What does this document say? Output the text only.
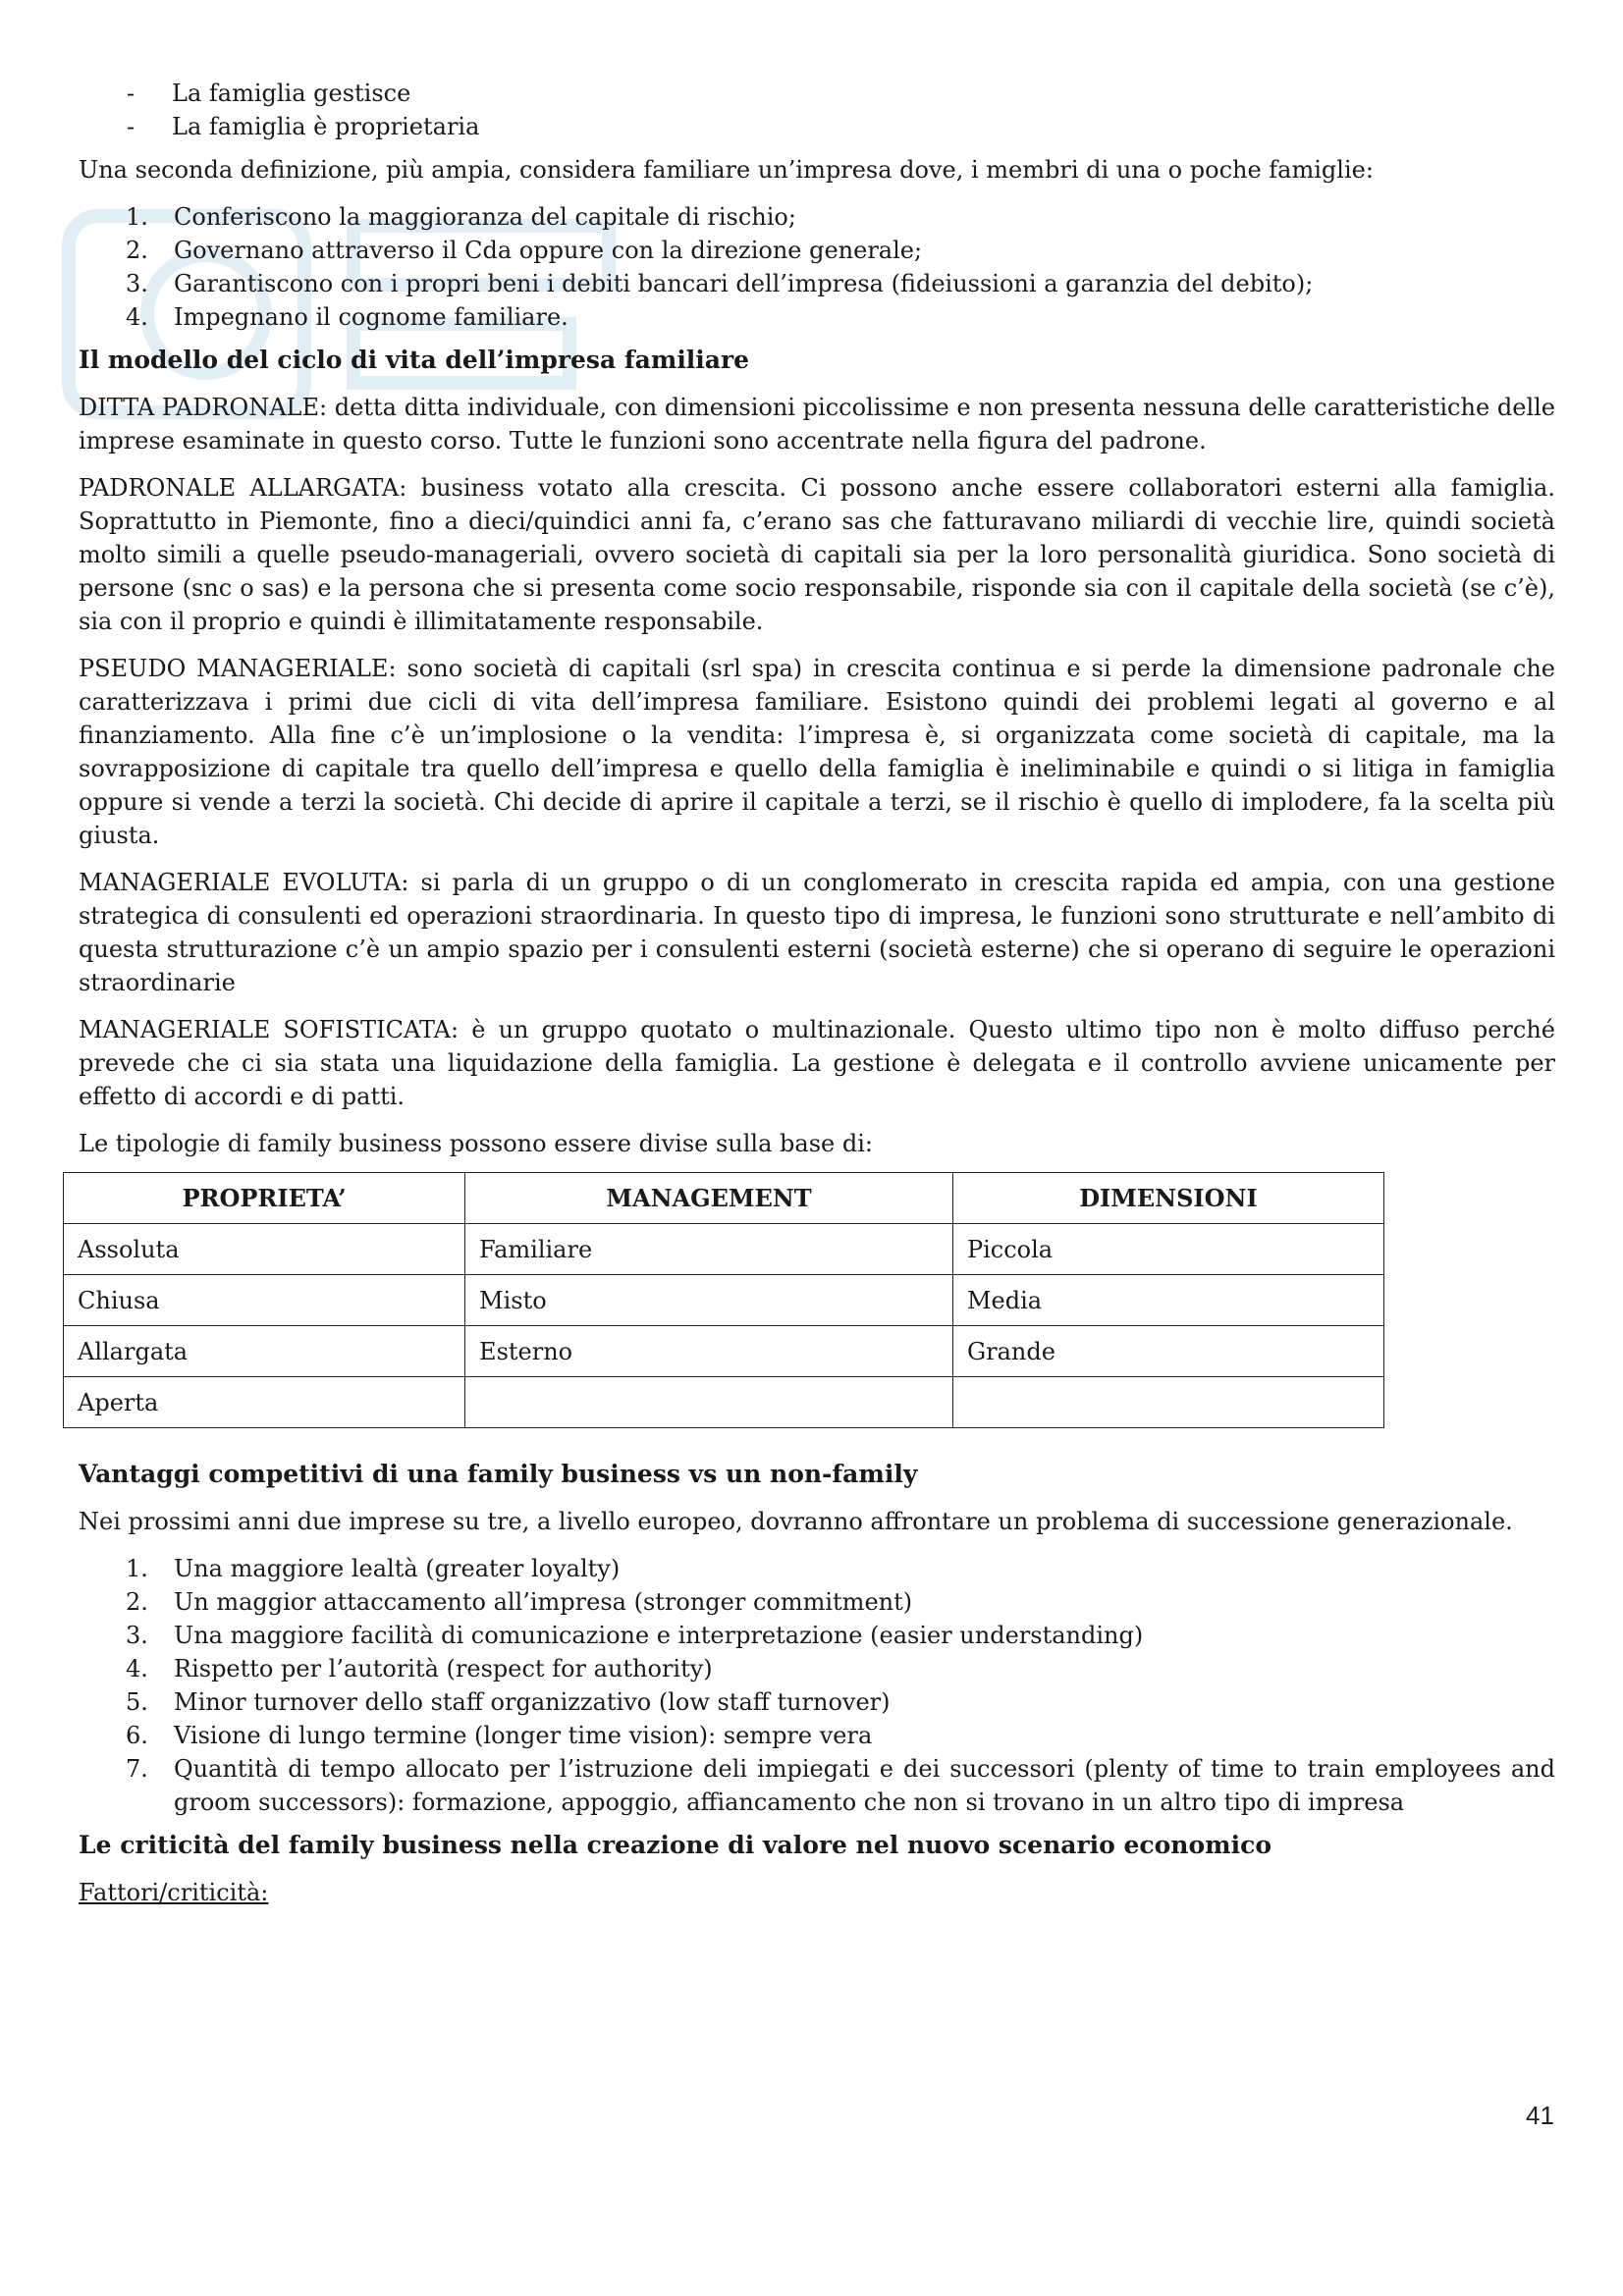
- La famiglia gestisce
- La famiglia è proprietaria

Una seconda definizione, più ampia, considera familiare un’impresa dove, i membri di una o poche famiglie:

1. Conferiscono la maggioranza del capitale di rischio;
2. Governano attraverso il Cda oppure con la direzione generale;
3. Garantiscono con i propri beni i debiti bancari dell’impresa (fideiussioni a garanzia del debito);
4. Impegnano il cognome familiare.
Il modello del ciclo di vita dell’impresa familiare

DITTA PADRONALE: detta ditta individuale, con dimensioni piccolissime e non presenta nessuna delle caratteristiche delle imprese esaminate in questo corso. Tutte le funzioni sono accentrate nella figura del padrone.

PADRONALE ALLARGATA: business votato alla crescita. Ci possono anche essere collaboratori esterni alla famiglia. Soprattutto in Piemonte, fino a dieci/quindici anni fa, c’erano sas che fatturavano miliardi di vecchie lire, quindi società molto simili a quelle pseudo-manageriali, ovvero società di capitali sia per la loro personalità giuridica. Sono società di persone (snc o sas) e la persona che si presenta come socio responsabile, risponde sia con il capitale della società (se c’è), sia con il proprio e quindi è illimitatamente responsabile.

PSEUDO MANAGERIALE: sono società di capitali (srl spa) in crescita continua e si perde la dimensione padronale che caratterizzava i primi due cicli di vita dell’impresa familiare. Esistono quindi dei problemi legati al governo e al finanziamento. Alla fine c’è un’implosione o la vendita: l’impresa è, si organizzata come società di capitale, ma la sovrapposizione di capitale tra quello dell’impresa e quello della famiglia è ineliminabile e quindi o si litiga in famiglia oppure si vende a terzi la società. Chi decide di aprire il capitale a terzi, se il rischio è quello di implodere, fa la scelta più giusta.

MANAGERIALE EVOLUTA: si parla di un gruppo o di un conglomerato in crescita rapida ed ampia, con una gestione strategica di consulenti ed operazioni straordinaria. In questo tipo di impresa, le funzioni sono strutturate e nell’ambito di questa strutturazione c’è un ampio spazio per i consulenti esterni (società esterne) che si operano di seguire le operazioni straordinarie

MANAGERIALE SOFISTICATA: è un gruppo quotato o multinazionale. Questo ultimo tipo non è molto diffuso perché prevede che ci sia stata una liquidazione della famiglia. La gestione è delegata e il controllo avviene unicamente per effetto di accordi e di patti.

Le tipologie di family business possono essere divise sulla base di:

PROPRIETA’	MANAGEMENT	DIMENSIONI
Assoluta	Familiare	Piccola
Chiusa	Misto	Media
Allargata	Esterno	Grande
Aperta		
Vantaggi competitivi di una family business vs un non-family

Nei prossimi anni due imprese su tre, a livello europeo, dovranno affrontare un problema di successione generazionale.

1. Una maggiore lealtà (greater loyalty)
2. Un maggior attaccamento all’impresa (stronger commitment)
3. Una maggiore facilità di comunicazione e interpretazione (easier understanding)
4. Rispetto per l’autorità (respect for authority)
5. Minor turnover dello staff organizzativo (low staff turnover)
6. Visione di lungo termine (longer time vision): sempre vera
7. Quantità di tempo allocato per l’istruzione deli impiegati e dei successori (plenty of time to train employees and groom successors): formazione, appoggio, affiancamento che non si trovano in un altro tipo di impresa
Le criticità del family business nella creazione di valore nel nuovo scenario economico

Fattori/criticità:

41
